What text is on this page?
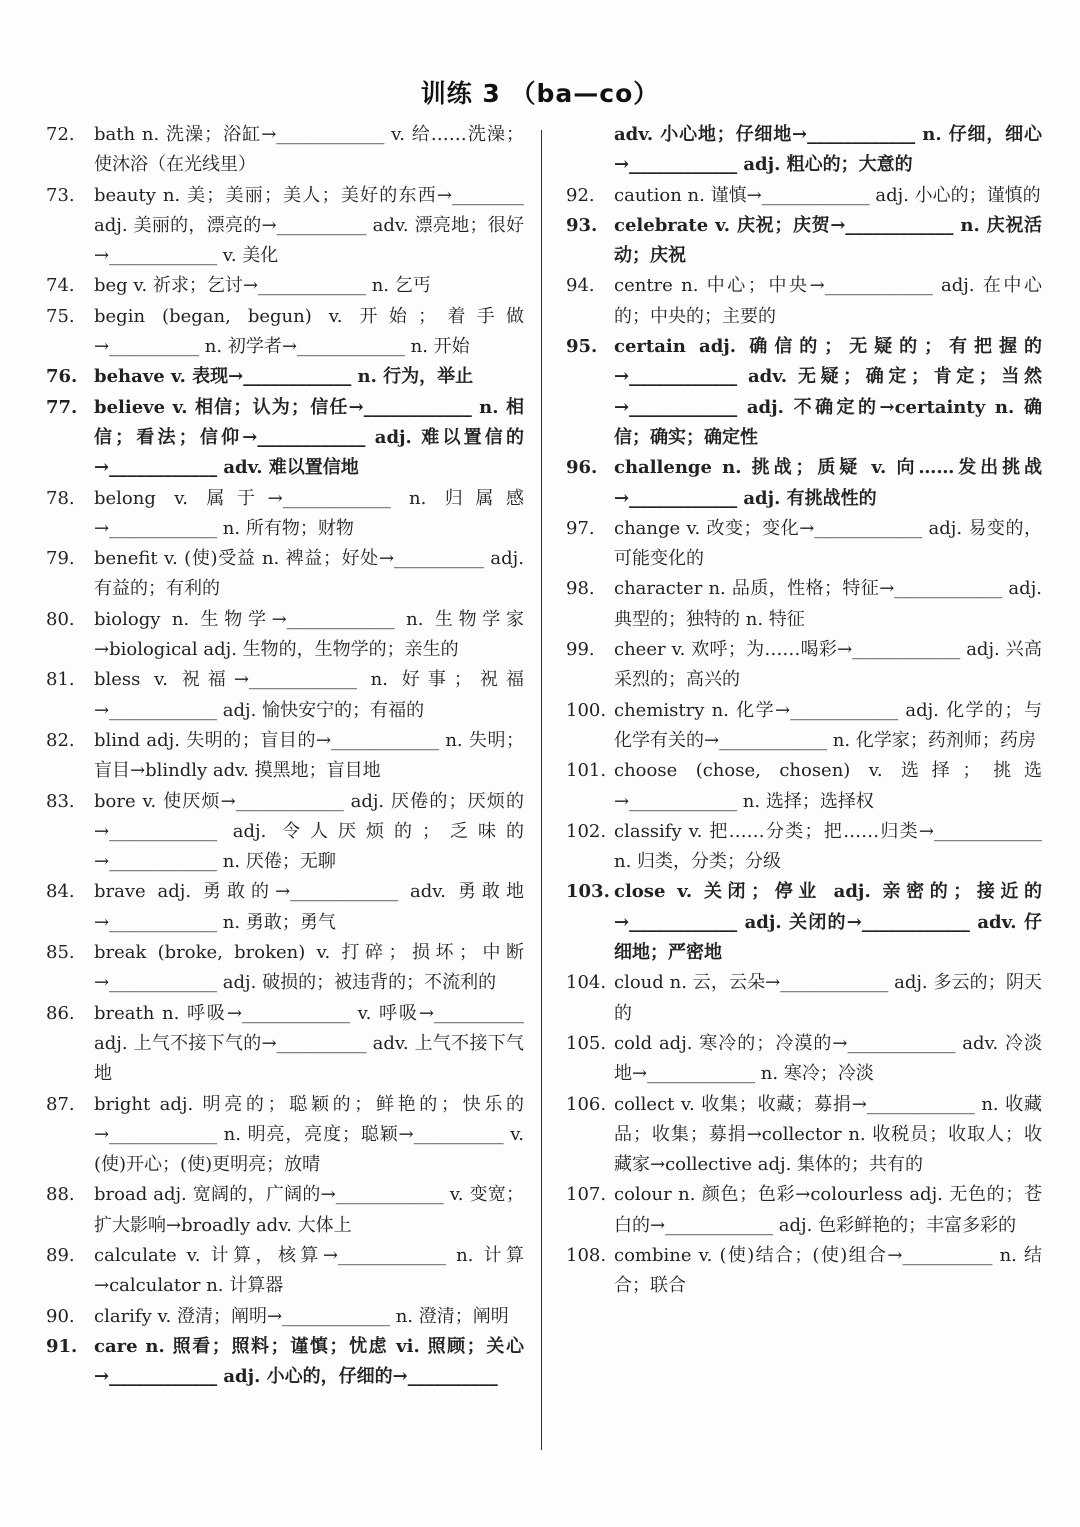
训练 3 （ba—co）
72.	bath n. 洗澡；浴缸→____________ v. 给……洗澡；使沐浴（在光线里）
73.	beauty n. 美；美丽；美人；美好的东西→________ adj. 美丽的，漂亮的→__________ adv. 漂亮地；很好→____________ v. 美化
74.	beg v. 祈求；乞讨→____________ n. 乞丐
75.	begin (began, begun) v. 开始；着手做→__________ n. 初学者→____________ n. 开始
76. behave v. 表现→____________ n. 行为，举止
77. believe v. 相信；认为；信任→____________ n. 相信；看法；信仰→____________ adj. 难以置信的→____________ adv. 难以置信地
78.	belong v. 属于→____________ n. 归属感→____________ n. 所有物；财物
79.	benefit v. (使)受益 n. 裨益；好处→__________ adj. 有益的；有利的
80.	biology n. 生物学→____________ n. 生物学家→biological adj. 生物的，生物学的；亲生的
81.	bless v. 祝福→____________ n. 好事；祝福→____________ adj. 愉快安宁的；有福的
82.	blind adj. 失明的；盲目的→____________ n. 失明；盲目→blindly adv. 摸黑地；盲目地
83.	bore v. 使厌烦→____________ adj. 厌倦的；厌烦的→____________ adj. 令人厌烦的；乏味的→____________ n. 厌倦；无聊
84.	brave adj. 勇敢的→____________ adv. 勇敢地→____________ n. 勇敢；勇气
85.	break (broke, broken) v. 打碎；损坏；中断→____________ adj. 破损的；被违背的；不流利的
86.	breath n. 呼吸→____________ v. 呼吸→__________ adj. 上气不接下气的→__________ adv. 上气不接下气地
87.	bright adj. 明亮的；聪颖的；鲜艳的；快乐的→____________ n. 明亮，亮度；聪颖→__________ v. (使)开心；(使)更明亮；放晴
88.	broad adj. 宽阔的，广阔的→____________ v. 变宽；扩大影响→broadly adv. 大体上
89.	calculate v. 计算，核算→____________ n. 计算→calculator n. 计算器
90.	clarify v. 澄清；阐明→____________ n. 澄清；阐明
91. care n. 照看；照料；谨慎；忧虑 vi. 照顾；关心→____________ adj. 小心的，仔细的→__________
adv. 小心地；仔细地→____________ n. 仔细，细心→____________ adj. 粗心的；大意的
92.	caution n. 谨慎→____________ adj. 小心的；谨慎的
93. celebrate v. 庆祝；庆贺→____________ n. 庆祝活动；庆祝
94.	centre n. 中心；中央→____________ adj. 在中心的；中央的；主要的
95. certain adj. 确信的；无疑的；有把握的→____________ adv. 无疑；确定；肯定；当然→____________ adj. 不确定的→certainty n. 确信；确实；确定性
96. challenge n. 挑战；质疑 v. 向……发出挑战→____________ adj. 有挑战性的
97.	change v. 改变；变化→____________ adj. 易变的，可能变化的
98.	character n. 品质，性格；特征→____________ adj. 典型的；独特的 n. 特征
99.	cheer v. 欢呼；为……喝彩→____________ adj. 兴高采烈的；高兴的
100. chemistry n. 化学→____________ adj. 化学的；与化学有关的→____________ n. 化学家；药剂师；药房
101. choose (chose, chosen) v. 选择；挑选→____________ n. 选择；选择权
102. classify v. 把……分类；把……归类→____________ n. 归类，分类；分级
103. close v. 关闭；停业 adj. 亲密的；接近的→____________ adj. 关闭的→____________ adv. 仔细地；严密地
104. cloud n. 云，云朵→____________ adj. 多云的；阴天的
105. cold adj. 寒冷的；冷漠的→____________ adv. 冷淡地→____________ n. 寒冷；冷淡
106. collect v. 收集；收藏；募捐→____________ n. 收藏品；收集；募捐→collector n. 收税员；收取人；收藏家→collective adj. 集体的；共有的
107. colour n. 颜色；色彩→colourless adj. 无色的；苍白的→____________ adj. 色彩鲜艳的；丰富多彩的
108. combine v. (使)结合；(使)组合→__________ n. 结合；联合
